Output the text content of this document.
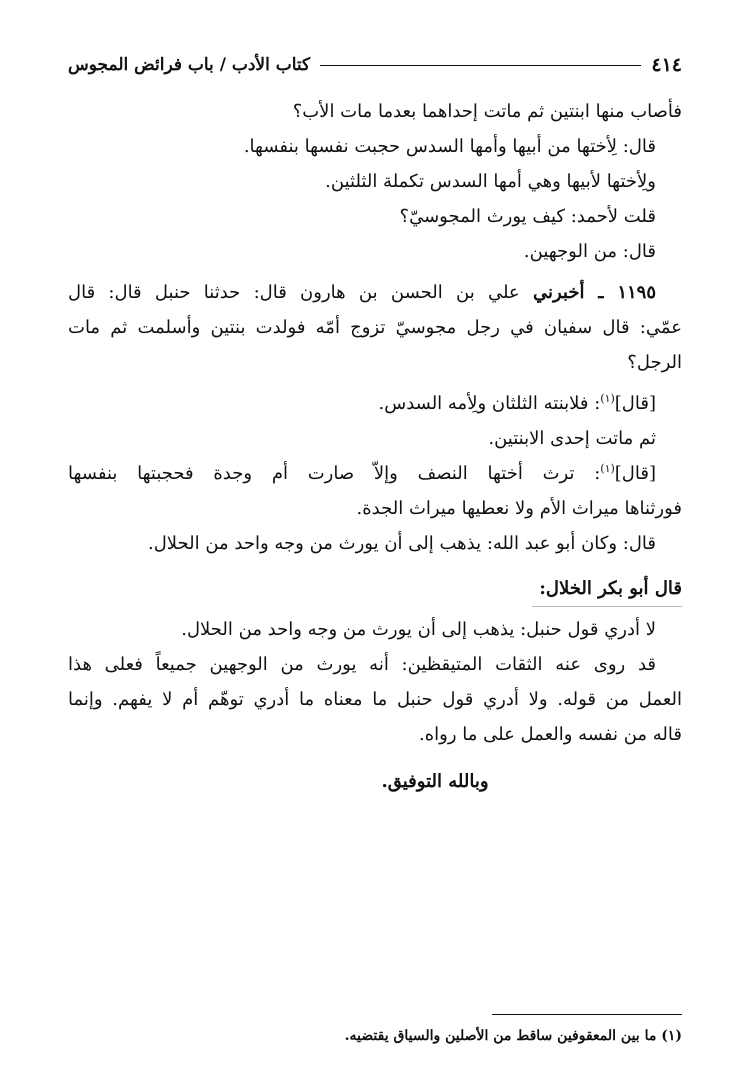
٤١٤
كتاب الأدب / باب فرائض المجوس
فأصاب منها ابنتين ثم ماتت إحداهما بعدما مات الأب؟
قال: لِأختها من أبيها وأمها السدس حجبت نفسها بنفسها.
ولِأختها لأبيها وهي أمها السدس تكملة الثلثين.
قلت لأحمد: كيف يورث المجوسيّ؟
قال: من الوجهين.
١١٩٥ ـ أخبرني علي بن الحسن بن هارون قال: حدثنا حنبل قال: قال
عمّي: قال سفيان في رجل مجوسيّ تزوج أمّه فولدت بنتين وأسلمت ثم مات
الرجل؟
[قال]$^{(١)}$: فلابنته الثلثان ولِأمه السدس.
ثم ماتت إحدى الابنتين.
[قال]$^{(١)}$: ترث أختها النصف وإلاّ صارت أم وجدة فحجبتها بنفسها
فورثناها ميراث الأم ولا نعطيها ميراث الجدة.
قال: وكان أبو عبد الله: يذهب إلى أن يورث من وجه واحد من الحلال.
قال أبو بكر الخلال:
لا أدري قول حنبل: يذهب إلى أن يورث من وجه واحد من الحلال.
قد روى عنه الثقات المتيقظين: أنه يورث من الوجهين جميعاً فعلى هذا
العمل من قوله. ولا أدري قول حنبل ما معناه ما أدري توهّم أم لا يفهم. وإنما
قاله من نفسه والعمل على ما رواه.
وبالله التوفيق.
(١) ما بين المعقوفين ساقط من الأصلين والسياق يقتضيه.
